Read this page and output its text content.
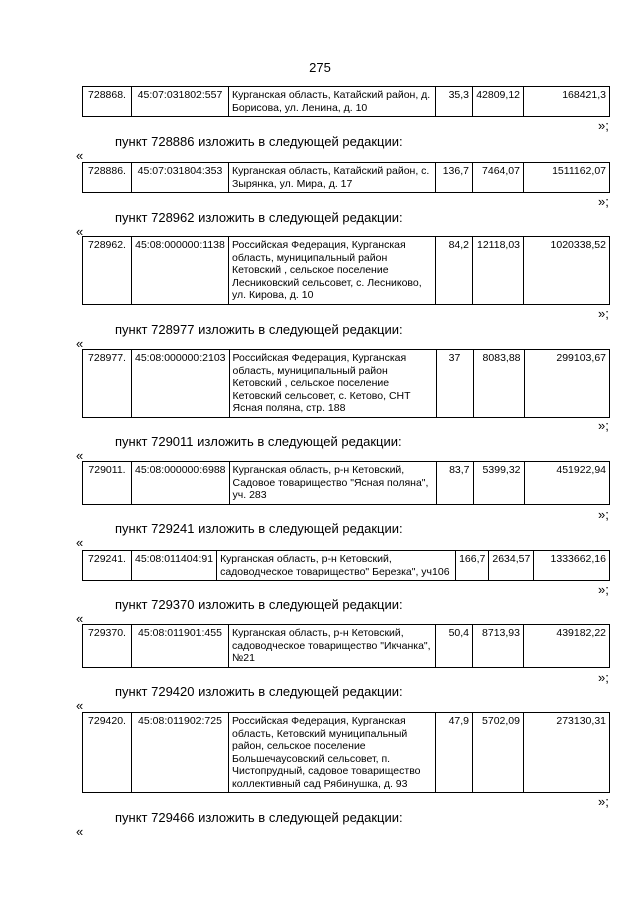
275
728868.	45:07:031802:557	Курганская область, Катайский район, д. Борисова, ул. Ленина, д. 10	35,3	42809,12	168421,3
»;
пункт 728886 изложить в следующей редакции:
«
728886.	45:07:031804:353	Курганская область, Катайский район, с. Зырянка, ул. Мира, д. 17	136,7	7464,07	1511162,07
»;
пункт 728962 изложить в следующей редакции:
«
728962.	45:08:000000:1138	Российская Федерация, Курганская область, муниципальный район Кетовский , сельское поселение Лесниковский сельсовет, с. Лесниково, ул. Кирова, д. 10	84,2	12118,03	1020338,52
»;
пункт 728977 изложить в следующей редакции:
«
728977.	45:08:000000:2103	Российская Федерация, Курганская область, муниципальный район Кетовский , сельское поселение Кетовский сельсовет, с. Кетово, СНТ Ясная поляна, стр. 188	37	8083,88	299103,67
»;
пункт 729011 изложить в следующей редакции:
«
729011.	45:08:000000:6988	Курганская область, р-н Кетовский, Садовое товарищество "Ясная поляна", уч. 283	83,7	5399,32	451922,94
»;
пункт 729241 изложить в следующей редакции:
«
729241.	45:08:011404:91	Курганская область, р-н Кетовский, садоводческое товарищество" Березка", уч106	166,7	2634,57	1333662,16
»;
пункт 729370 изложить в следующей редакции:
«
729370.	45:08:011901:455	Курганская область, р-н Кетовский, садоводческое товарищество "Икчанка", №21	50,4	8713,93	439182,22
»;
пункт 729420 изложить в следующей редакции:
«
729420.	45:08:011902:725	Российская Федерация, Курганская область, Кетовский муниципальный район, сельское поселение Большечаусовский сельсовет, п. Чистопрудный, садовое товарищество коллективный сад Рябинушка, д. 93	47,9	5702,09	273130,31
»;
пункт 729466 изложить в следующей редакции:
«
